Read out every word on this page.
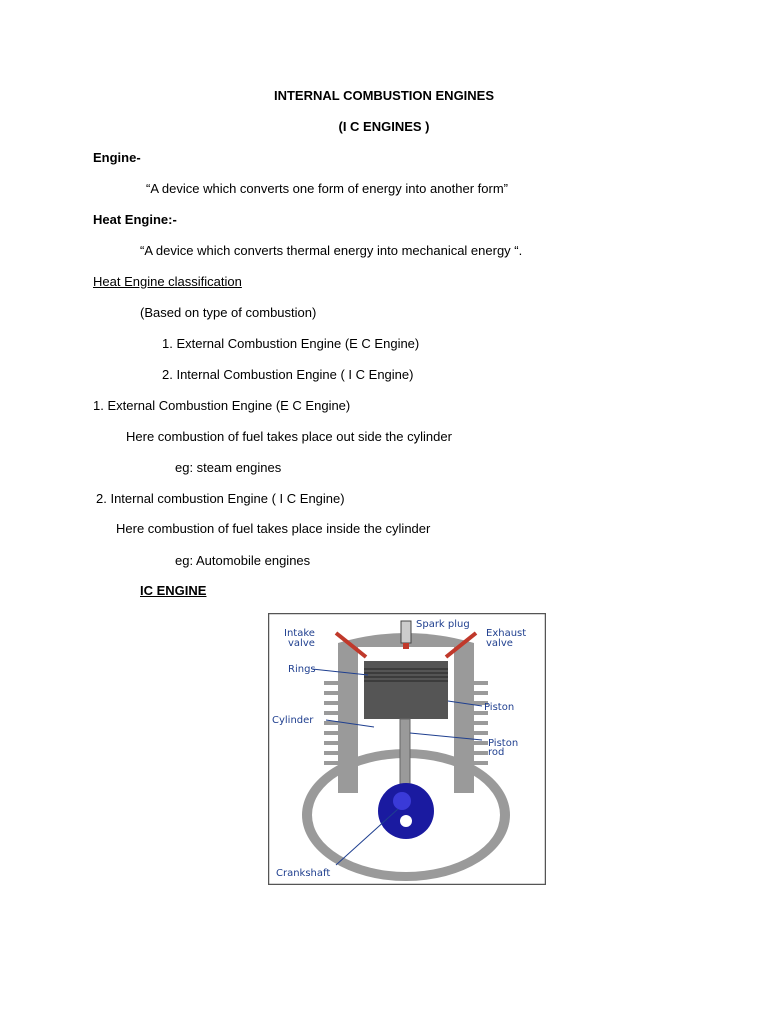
INTERNAL COMBUSTION ENGINES
(I C ENGINES )
Engine-
“A device which converts one form of energy into another form”
Heat Engine:-
“A device which converts thermal energy into mechanical energy “.
Heat Engine classification
(Based on type of combustion)
1. External Combustion Engine (E C Engine)
2. Internal Combustion Engine ( I C Engine)
1. External Combustion Engine (E C Engine)
Here combustion of fuel takes place out side the cylinder
eg: steam engines
2. Internal combustion Engine ( I C Engine)
Here combustion of fuel takes place inside the cylinder
eg: Automobile engines
IC ENGINE
Spark plug
Intake
valve
Exhaust
valve
Rings
Piston
Cylinder
Piston
rod
Crankshaft
